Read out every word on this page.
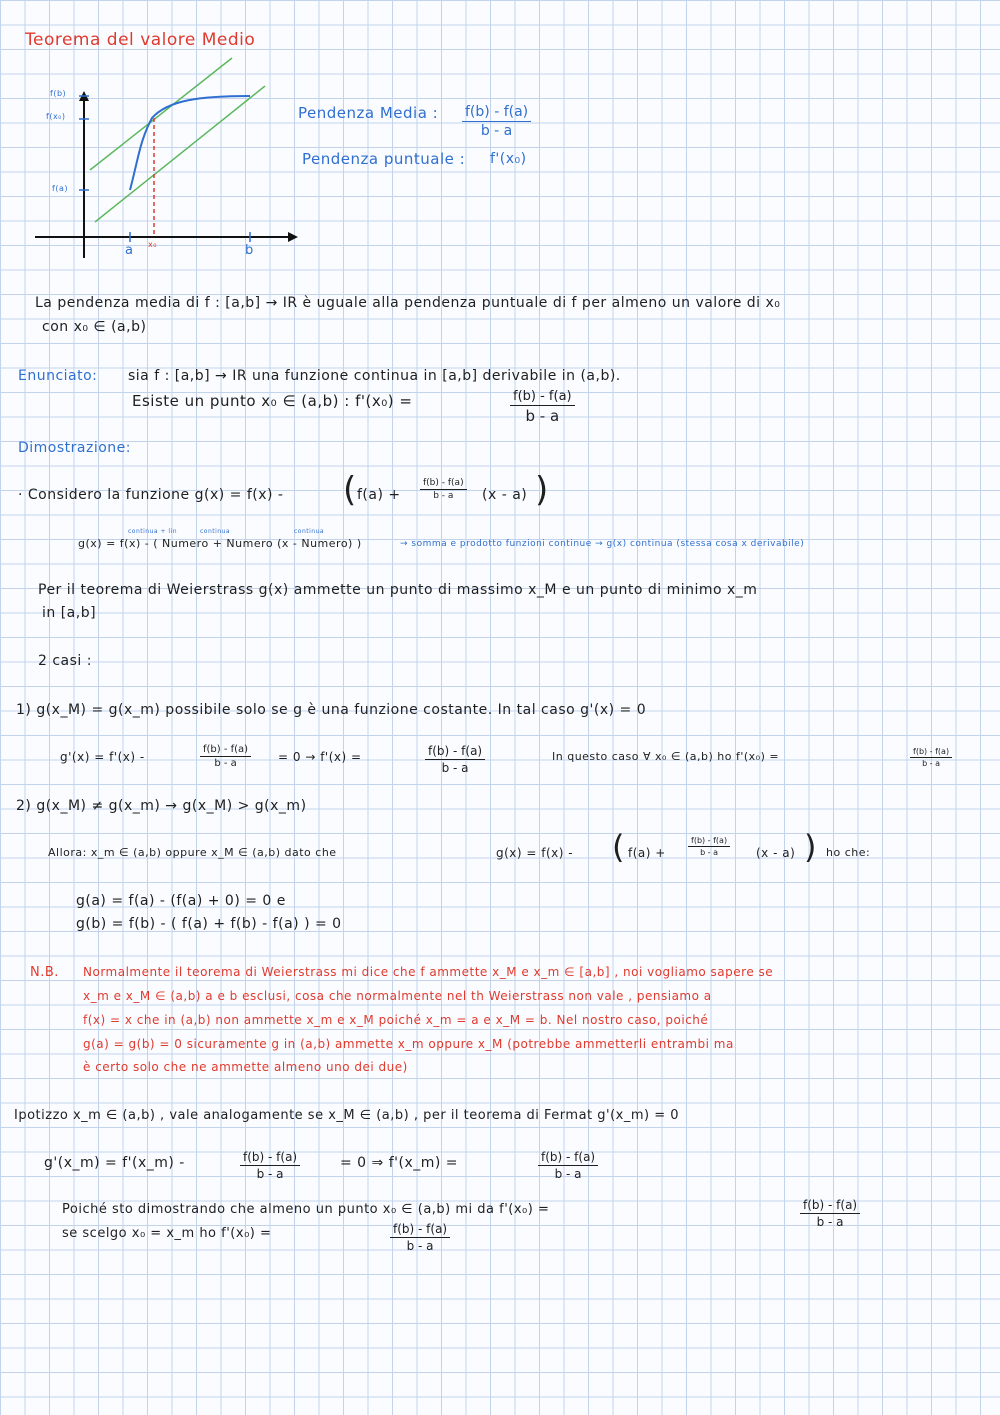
f(b)
f(x₀)
f(a)
a x₀	b
Teorema del valore Medio
Pendenza Media : $\frac{f(b) - f(a)}{b - a}$
Pendenza puntuale : f'(x₀)
La pendenza media di f : [a,b] → IR è uguale alla pendenza puntuale di f per almeno un valore di x₀
con x₀ ∈ (a,b)
Enunciato: sia f : [a,b] → IR una funzione continua in [a,b] derivabile in (a,b).
Esiste un punto x₀ ∈ (a,b) : f'(x₀) =	$\frac{f(b) - f(a)}{b - a}$
Dimostrazione:
· Considero la funzione g(x) = f(x) - ( $f(a) + \frac{f(b) - f(a)}{b - a} (x - a)$ )
continua + lin	continua	continua
g(x) = f(x) - ( Numero + Numero (x - Numero) )	→ somma e prodotto funzioni continue → g(x) continua (stessa cosa x derivabile)
Per il teorema di Weierstrass g(x) ammette un punto di massimo x_M e un punto di minimo x_m
in [a,b]
2 casi :
1) g(x_M) = g(x_m) possibile solo se g è una funzione costante. In tal caso g'(x) = 0
g'(x) = f'(x) -	$\frac{f(b) - f(a)}{b - a} = 0 \to f'(x)$ =	$\frac{f(b) - f(a)}{b - a}$	In questo caso ∀ x₀ ∈ (a,b) ho f'(x₀) =	$\frac{f(b) - f(a)}{b - a}$
2) g(x_M) ≠ g(x_m) → g(x_M) > g(x_m)
Allora: x_m ∈ (a,b) oppure x_M ∈ (a,b) dato che	g(x) = f(x) - ( f(a) +	$\frac{f(b) - f(a)}{b - a} (x - a)$ ) ho che:
g(a) = f(a) - (f(a) + 0) = 0 e
g(b) = f(b) - ( f(a) + f(b) - f(a) ) = 0
N.B. Normalmente il teorema di Weierstrass mi dice che f ammette x_M e x_m ∈ [a,b] , noi vogliamo sapere se
x_m e x_M ∈ (a,b) a e b esclusi, cosa che normalmente nel th Weierstrass non vale , pensiamo a
f(x) = x che in (a,b) non ammette x_m e x_M poiché x_m = a e x_M = b. Nel nostro caso, poiché
g(a) = g(b) = 0 sicuramente g in (a,b) ammette x_m oppure x_M (potrebbe ammetterli entrambi ma
è certo solo che ne ammette almeno uno dei due)
Ipotizzo x_m ∈ (a,b) , vale analogamente se x_M ∈ (a,b) , per il teorema di Fermat g'(x_m) = 0
g'(x_m) = f'(x_m) -	$\frac{f(b) - f(a)}{b - a}$	= 0 ⇒ f'(x_m) =	$\frac{f(b) - f(a)}{b - a}$
Poiché sto dimostrando che almeno un punto x₀ ∈ (a,b) mi da f'(x₀) =	$\frac{f(b) - f(a)}{b - a}$
se scelgo x₀ = x_m ho f'(x₀) =	$\frac{f(b) - f(a)}{b - a}$
